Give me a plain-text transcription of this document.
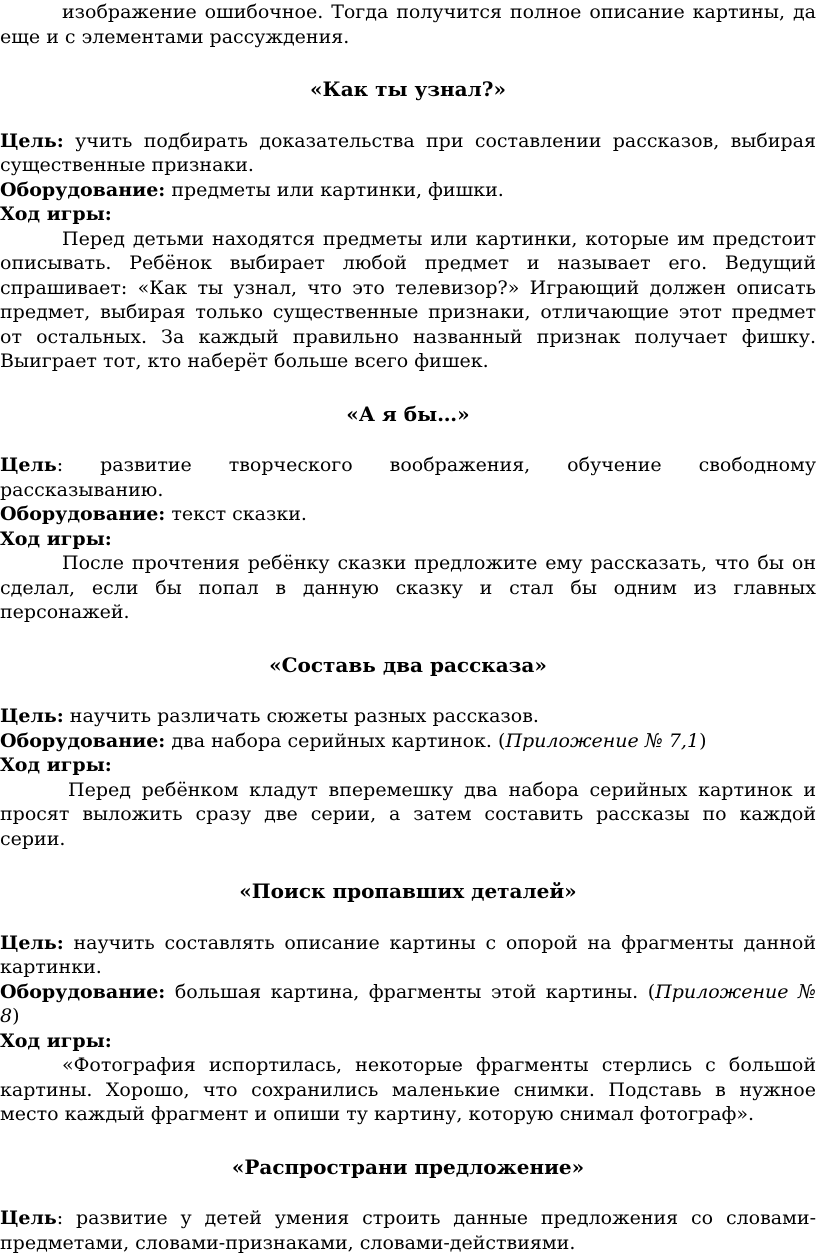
изображение ошибочное. Тогда получится полное описание картины, да еще и с элементами рассуждения.

«Как ты узнал?»

Цель: учить подбирать доказательства при составлении рассказов, выбирая существенные признаки.

Оборудование: предметы или картинки, фишки.

Ход игры:

Перед детьми находятся предметы или картинки, которые им предстоит описывать. Ребёнок выбирает любой предмет и называет его. Ведущий спрашивает: «Как ты узнал, что это телевизор?» Играющий должен описать предмет, выбирая только существенные признаки, отличающие этот предмет от остальных. За каждый правильно названный признак получает фишку. Выиграет тот, кто наберёт больше всего фишек.

«А я бы…»

Цель: развитие творческого воображения, обучение свободному рассказыванию.

Оборудование: текст сказки.

Ход игры:

После прочтения ребёнку сказки предложите ему рассказать, что бы он сделал, если бы попал в данную сказку и стал бы одним из главных персонажей.

«Составь два рассказа»

Цель: научить различать сюжеты разных рассказов.

Оборудование: два набора серийных картинок. (Приложение № 7,1)

Ход игры:

Перед ребёнком кладут вперемешку два набора серийных картинок и просят выложить сразу две серии, а затем составить рассказы по каждой серии.

«Поиск пропавших деталей»

Цель: научить составлять описание картины с опорой на фрагменты данной картинки.

Оборудование: большая картина, фрагменты этой картины. (Приложение № 8)

Ход игры:

«Фотография испортилась, некоторые фрагменты стерлись с большой картины. Хорошо, что сохранились маленькие снимки. Подставь в нужное место каждый фрагмент и опиши ту картину, которую снимал фотограф».

«Распространи предложение»

Цель: развитие у детей умения строить данные предложения со словами-предметами, словами-признаками, словами-действиями.
